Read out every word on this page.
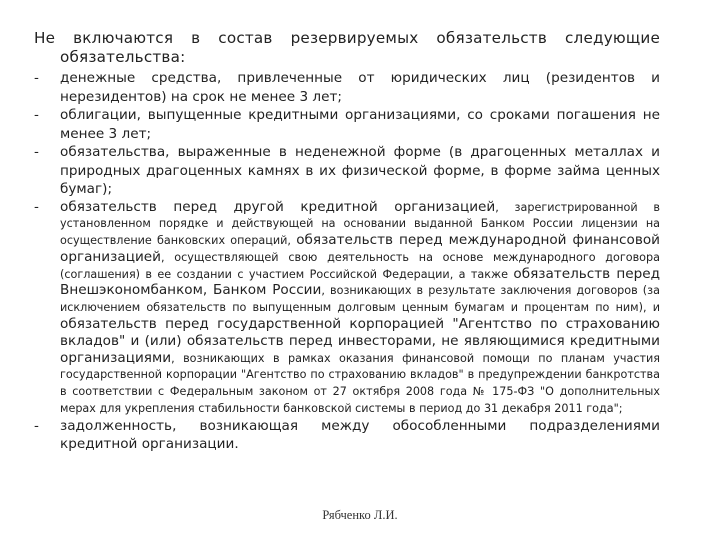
Не включаются в состав резервируемых обязательств следующие обязательства:

- денежные средства, привлеченные от юридических лиц (резидентов и нерезидентов) на срок не менее 3 лет;
- облигации, выпущенные кредитными организациями, со сроками погашения не менее 3 лет;
- обязательства, выраженные в неденежной форме (в драгоценных металлах и природных драгоценных камнях в их физической форме, в форме займа ценных бумаг);
- обязательств перед другой кредитной организацией, зарегистрированной в установленном порядке и действующей на основании выданной Банком России лицензии на осуществление банковских операций, обязательств перед международной финансовой организацией, осуществляющей свою деятельность на основе международного договора (соглашения) в ее создании с участием Российской Федерации, а также обязательств перед Внешэкономбанком, Банком России, возникающих в результате заключения договоров (за исключением обязательств по выпущенным долговым ценным бумагам и процентам по ним), и обязательств перед государственной корпорацией "Агентство по страхованию вкладов" и (или) обязательств перед инвесторами, не являющимися кредитными организациями, возникающих в рамках оказания финансовой помощи по планам участия государственной корпорации "Агентство по страхованию вкладов" в предупреждении банкротства в соответствии с Федеральным законом от 27 октября 2008 года № 175-ФЗ "О дополнительных мерах для укрепления стабильности банковской системы в период до 31 декабря 2011 года";
- задолженность, возникающая между обособленными подразделениями кредитной организации.
Рябченко Л.И.
